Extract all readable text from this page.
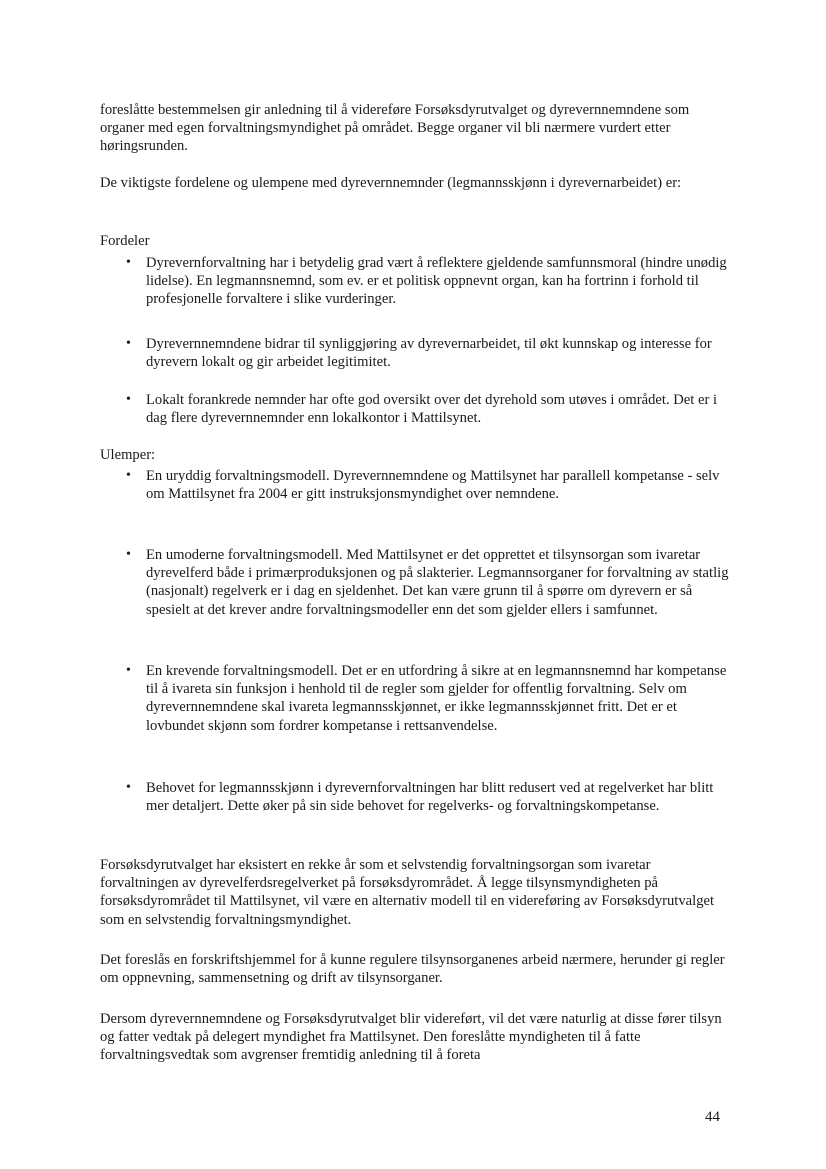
foreslåtte bestemmelsen gir anledning til å videreføre Forsøksdyrutvalget og dyrevernnemndene som organer med egen forvaltningsmyndighet på området. Begge organer vil bli nærmere vurdert etter høringsrunden.

De viktigste fordelene og ulempene med dyrevernnemnder (legmannsskjønn i dyrevernarbeidet) er:

Fordeler

• Dyrevernforvaltning har i betydelig grad vært å reflektere gjeldende samfunnsmoral (hindre unødig lidelse). En legmannsnemnd, som ev. er et politisk oppnevnt organ, kan ha fortrinn i forhold til profesjonelle forvaltere i slike vurderinger.
• Dyrevernnemndene bidrar til synliggjøring av dyrevernarbeidet, til økt kunnskap og interesse for dyrevern lokalt og gir arbeidet legitimitet.
• Lokalt forankrede nemnder har ofte god oversikt over det dyrehold som utøves i området. Det er i dag flere dyrevernnemnder enn lokalkontor i Mattilsynet.

Ulemper:

• En uryddig forvaltningsmodell. Dyrevernnemndene og Mattilsynet har parallell kompetanse - selv om Mattilsynet fra 2004 er gitt instruksjonsmyndighet over nemndene.
• En umoderne forvaltningsmodell. Med Mattilsynet er det opprettet et tilsynsorgan som ivaretar dyrevelferd både i primærproduksjonen og på slakterier. Legmannsorganer for forvaltning av statlig (nasjonalt) regelverk er i dag en sjeldenhet. Det kan være grunn til å spørre om dyrevern er så spesielt at det krever andre forvaltningsmodeller enn det som gjelder ellers i samfunnet.
• En krevende forvaltningsmodell. Det er en utfordring å sikre at en legmannsnemnd har kompetanse til å ivareta sin funksjon i henhold til de regler som gjelder for offentlig forvaltning. Selv om dyrevernnemndene skal ivareta legmannsskjønnet, er ikke legmannsskjønnet fritt. Det er et lovbundet skjønn som fordrer kompetanse i rettsanvendelse.
• Behovet for legmannsskjønn i dyrevernforvaltningen har blitt redusert ved at regelverket har blitt mer detaljert. Dette øker på sin side behovet for regelverks- og forvaltningskompetanse.

Forsøksdyrutvalget har eksistert en rekke år som et selvstendig forvaltningsorgan som ivaretar forvaltningen av dyrevelferdsregelverket på forsøksdyrområdet. Å legge tilsynsmyndigheten på forsøksdyrområdet til Mattilsynet, vil være en alternativ modell til en videreføring av Forsøksdyrutvalget som en selvstendig forvaltningsmyndighet.

Det foreslås en forskriftshjemmel for å kunne regulere tilsynsorganenes arbeid nærmere, herunder gi regler om oppnevning, sammensetning og drift av tilsynsorganer.

Dersom dyrevernnemndene og Forsøksdyrutvalget blir videreført, vil det være naturlig at disse fører tilsyn og fatter vedtak på delegert myndighet fra Mattilsynet. Den foreslåtte myndigheten til å fatte forvaltningsvedtak som avgrenser fremtidig anledning til å foreta

44
